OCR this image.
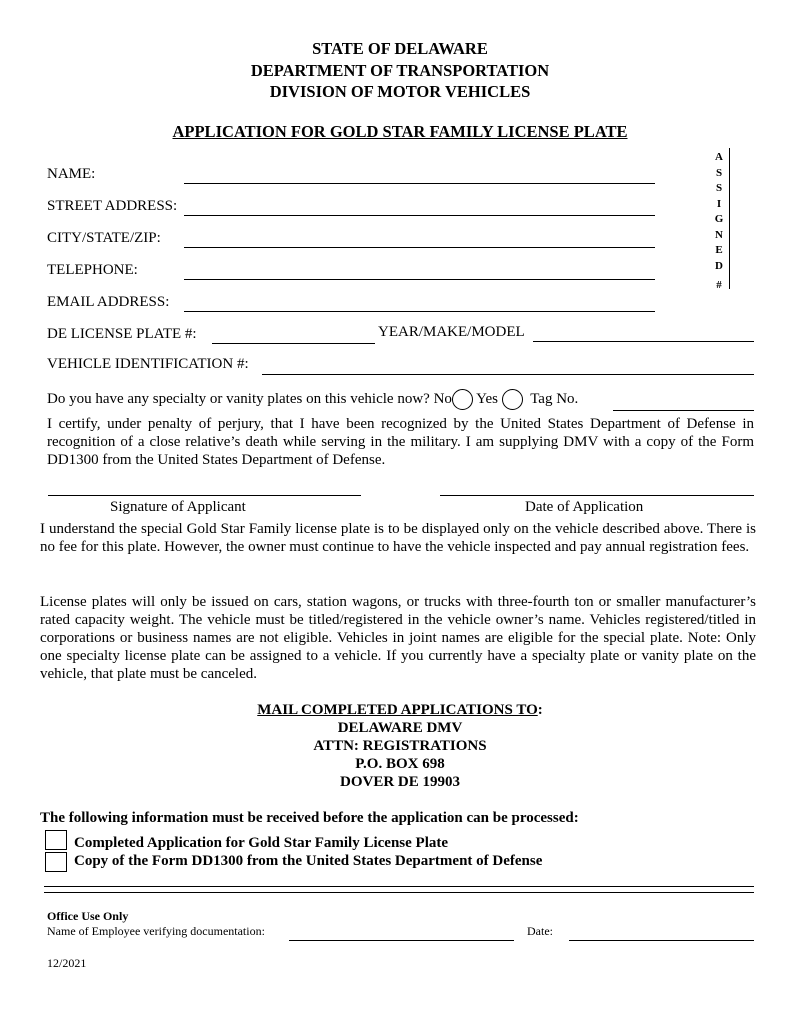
STATE OF DELAWARE
DEPARTMENT OF TRANSPORTATION
DIVISION OF MOTOR VEHICLES
APPLICATION FOR GOLD STAR FAMILY LICENSE PLATE
A
S
S
I
G
N
E
D
#
NAME:
STREET ADDRESS:
CITY/STATE/ZIP:
TELEPHONE:
EMAIL ADDRESS:
DE LICENSE PLATE #:	YEAR/MAKE/MODEL
VEHICLE IDENTIFICATION #:
Do you have any specialty or vanity plates on this vehicle now? No Yes Tag No.
I certify, under penalty of perjury, that I have been recognized by the United States Department of Defense in recognition of a close relative’s death while serving in the military. I am supplying DMV with a copy of the Form DD1300 from the United States Department of Defense.
Signature of Applicant	Date of Application
I understand the special Gold Star Family license plate is to be displayed only on the vehicle described above. There is no fee for this plate. However, the owner must continue to have the vehicle inspected and pay annual registration fees.
License plates will only be issued on cars, station wagons, or trucks with three-fourth ton or smaller manufacturer’s rated capacity weight. The vehicle must be titled/registered in the vehicle owner’s name. Vehicles registered/titled in corporations or business names are not eligible. Vehicles in joint names are eligible for the special plate. Note: Only one specialty license plate can be assigned to a vehicle. If you currently have a specialty plate or vanity plate on the vehicle, that plate must be canceled.
MAIL COMPLETED APPLICATIONS TO:
DELAWARE DMV
ATTN: REGISTRATIONS
P.O. BOX 698
DOVER DE 19903
The following information must be received before the application can be processed:
Completed Application for Gold Star Family License Plate
Copy of the Form DD1300 from the United States Department of Defense
Office Use Only
Name of Employee verifying documentation:	Date:
12/2021
